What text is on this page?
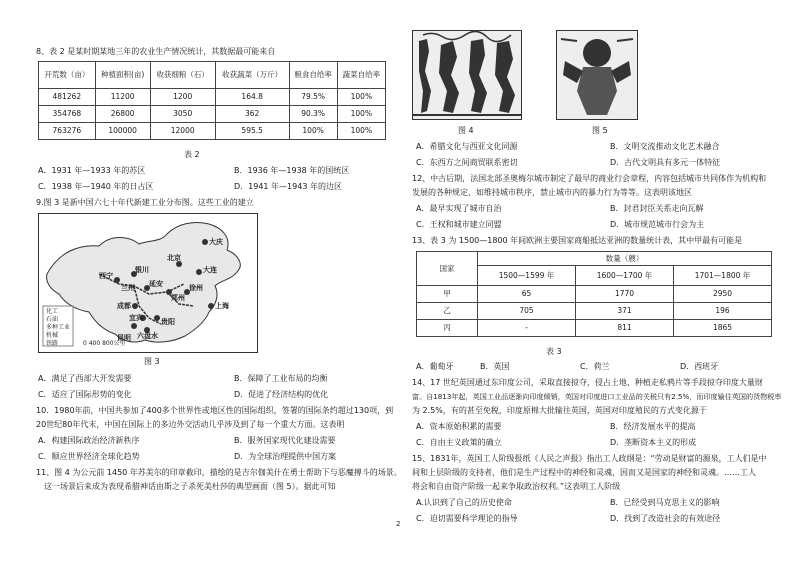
8、表 2 是某时期某地三年的农业生产情况统计，其数据最可能来自
开荒数（亩）	种植面积(亩)	收获细粮（石）	收获蔬菜（万斤）	粮食自给率	蔬菜自给率
481262	11200	1200	164.8	79.5%	100%
354768	26800	3050	362	90.3%	100%
763276	100000	12000	595.5	100%	100%
表 2
A．1931 年—1933 年的苏区	B．1936 年—1938 年的国统区
C．1938 年—1940 年的日占区	D．1941 年—1943 年的边区
9.图 3 是新中国六七十年代新建工业分布图。这些工业的建立
大庆
北京
大连
银川
西宁
兰州 延安
郑州
徐州
成都
宜宾	贵阳
六盘水
昆明
上海
化工
石油
多种工业
机械
铁路	0 400 800公里
图 3
A．满足了西部大开发需要	B．保障了工业布局的均衡
C．适应了国际形势的变化	D．促进了经济结构的优化
10．1980年前，中国共参加了400多个世界性或地区性的国际组织，签署的国际条约超过130项，到
20世纪80年代末，中国在国际上的多边外交活动几乎涉及到了每一个重大方面。这表明
A．构建国际政治经济新秩序	B．服务国家现代化建设需要
C．顺应世界经济全球化趋势	D．为全球治理提供中国方案
11、图 4 为公元前 1450 年苏美尔的印章截印，描绘的是吉尔伽美什在勇士帮助下与恶魔搏斗的场景。
这一场景后来成为表现希腊神话由斯之子杀死美杜莎的典型画面（图 5）。据此可知
图 4	图 5
A．希腊文化与西亚文化同源	B．文明交流推动文化艺术融合
C．东西方之间商贸联系密切	D．古代文明具有多元一体特征
12、中古后期，法国北部圣奥梅尔城市制定了最早的商业行会章程，内容包括城市共同体作为机构和
发展的各种规定，如维持城市秩序，禁止城市内的暴力行为等等。这表明该地区
A．最早实现了城市自治	B．封君封臣关系走向瓦解
C．王权和城市建立同盟	D．城市规范城市行会为主
13、表 3 为 1500—1800 年间欧洲主要国家商船抵达亚洲的数量统计表，其中甲最有可能是
国家	数量（艘）		
	1500—1599 年	1600—1700 年	1701—1800 年
甲	65	1770	2950
乙	705	371	196
丙	-	811	1865
表 3
A．葡萄牙	B．英国	C．荷兰	D．西班牙
14、17 世纪英国通过东印度公司，采取直接掠夺，侵占土地、种植走私鸦片等手段掠夺印度大量财
富。自1813年起，英国工业品逐渐向印度倾销，英国对印度进口工业品的关税只有2.5%，而印度输往英国的货物税率
为 2.5%，有的甚至免税，印度原棉大批输往英国，英国对印度殖民的方式变化源于
A．资本原始积累的需要	B．经济发展水平的提高
C．自由主义政策的确立	D．垄断资本主义的形成
15、1831年，英国工人阶级报纸《人民之声报》指出工人政纲是：“劳动是财富的源泉，工人们是中
间和上层阶级的支持者，他们是生产过程中的神经和灵魂，因而又是国家的神经和灵魂。……工人
将会和自由资产阶级一起来争取政治权利。”这表明工人阶级
A.认识到了自己的历史使命	B．已经受到马克思主义的影响
C．迫切需要科学理论的指导	D．找到了改造社会的有效途径
2
